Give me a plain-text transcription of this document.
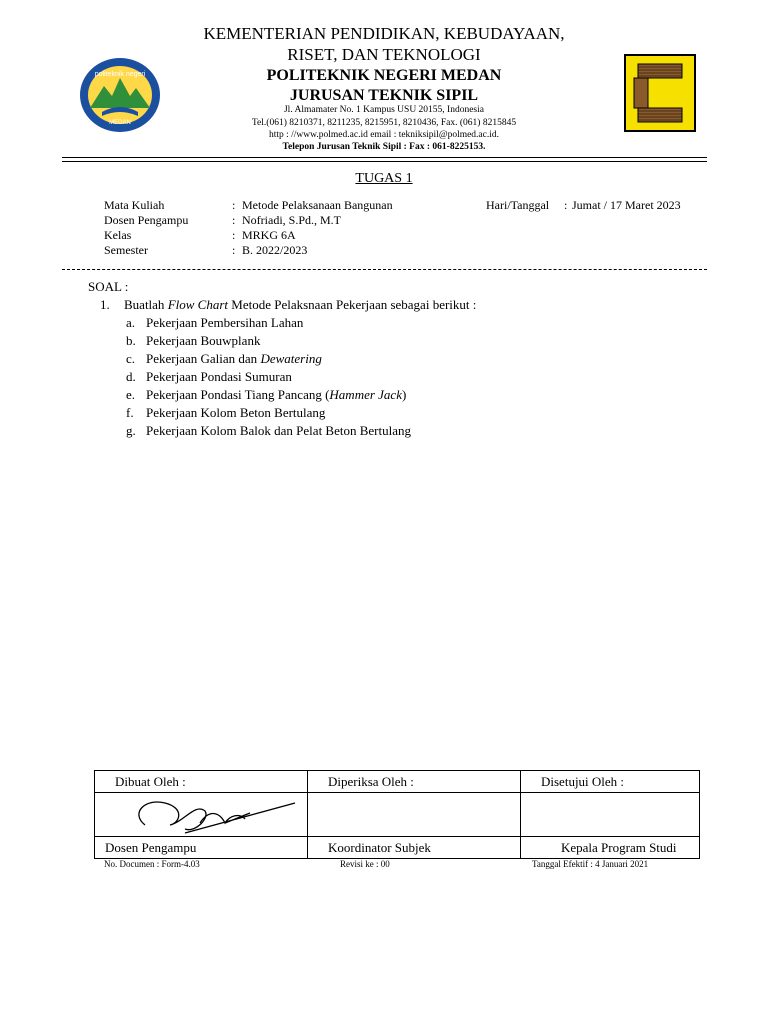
politeknik negeri
MEDAN
KEMENTERIAN PENDIDIKAN, KEBUDAYAAN,
RISET, DAN TEKNOLOGI
POLITEKNIK NEGERI MEDAN
JURUSAN TEKNIK SIPIL
Jl. Almamater No. 1 Kampus USU 20155, Indonesia
Tel.(061) 8210371, 8211235, 8215951, 8210436, Fax. (061) 8215845
http : //www.polmed.ac.id email : tekniksipil@polmed.ac.id.
Telepon Jurusan Teknik Sipil : Fax : 061-8225153.
TUGAS 1
Mata Kuliah	: Metode Pelaksanaan Bangunan	Hari/Tanggal : Jumat / 17 Maret 2023
Dosen Pengampu	: Nofriadi, S.Pd., M.T
Kelas	: MRKG 6A
Semester	: B. 2022/2023
SOAL :
1. Buatlah Flow Chart Metode Pelaksnaan Pekerjaan sebagai berikut :
a. Pekerjaan Pembersihan Lahan
b. Pekerjaan Bouwplank
c. Pekerjaan Galian dan Dewatering
d. Pekerjaan Pondasi Sumuran
e. Pekerjaan Pondasi Tiang Pancang (Hammer Jack)
f. Pekerjaan Kolom Beton Bertulang
g. Pekerjaan Kolom Balok dan Pelat Beton Bertulang
Dibuat Oleh :	Diperiksa Oleh :	Disetujui Oleh :

Dosen Pengampu	Koordinator Subjek	Kepala Program Studi
No. Documen : Form-4.03	Revisi ke : 00	Tanggal Efektif : 4 Januari 2021
